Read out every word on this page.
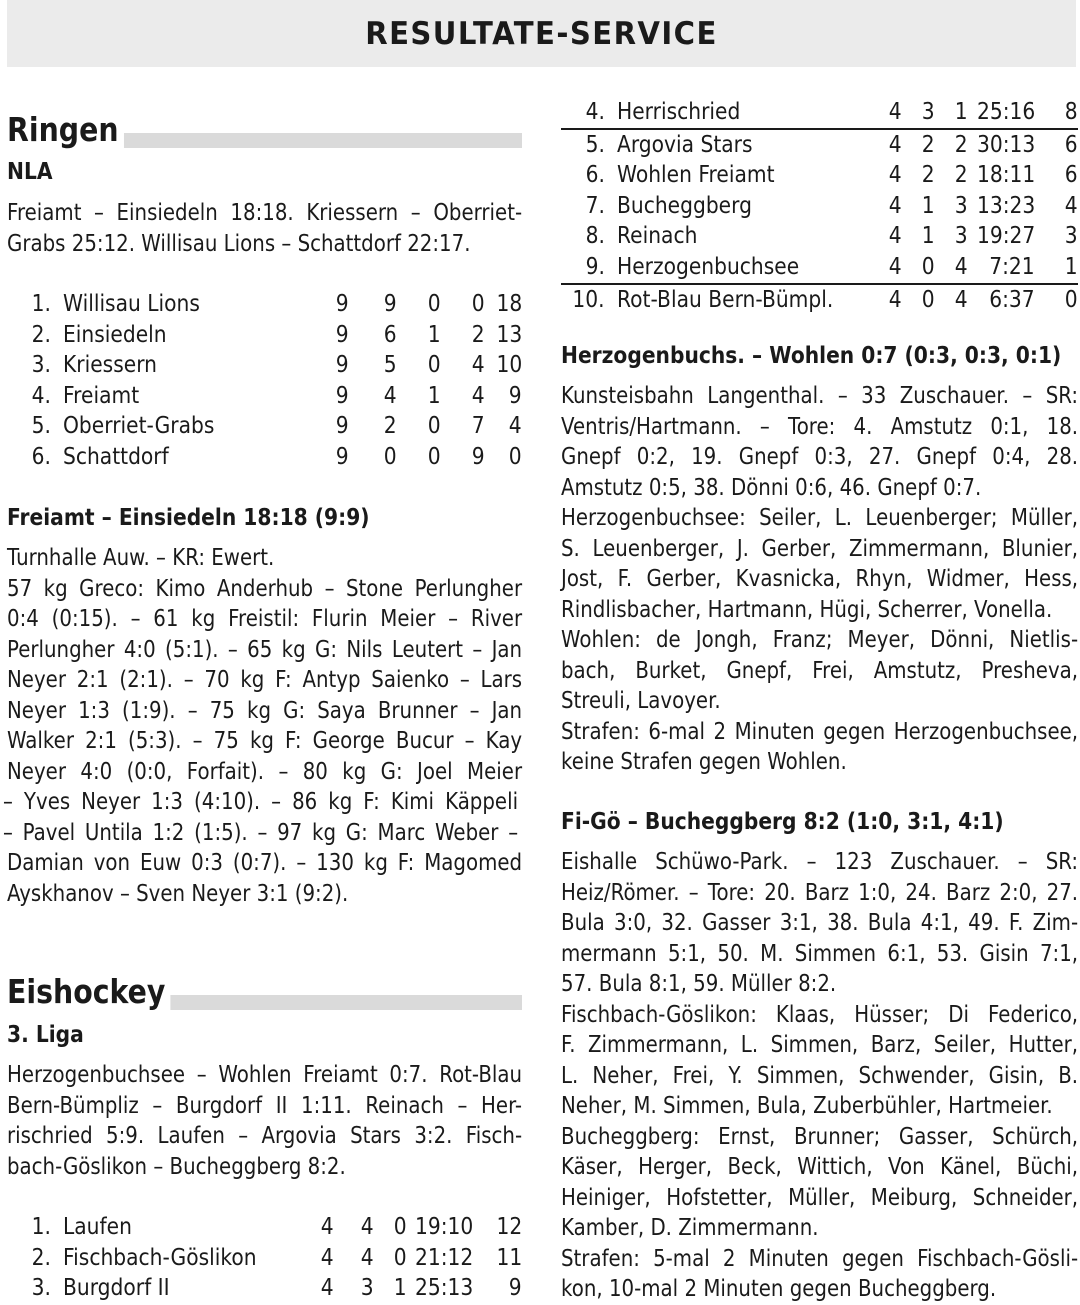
RESULTATE-SERVICE
Ringen
NLA
Freiamt – Einsiedeln 18:18. Kriessern – Oberriet-
Grabs 25:12. Willisau Lions – Schattdorf 22:17.
1.	Willisau Lions	9	9	0	0	18
2.	Einsiedeln	9	6	1	2	13
3.	Kriessern	9	5	0	4	10
4.	Freiamt	9	4	1	4	9
5.	Oberriet-Grabs	9	2	0	7	4
6.	Schattdorf	9	0	0	9	0
Freiamt – Einsiedeln 18:18 (9:9)
Turnhalle Auw. – KR: Ewert.
57 kg Greco: Kimo Anderhub – Stone Perlungher
0:4 (0:15). – 61 kg Freistil: Flurin Meier – River
Perlungher 4:0 (5:1). – 65 kg G: Nils Leutert – Jan
Neyer 2:1 (2:1). – 70 kg F: Antyp Saienko – Lars
Neyer 1:3 (1:9). – 75 kg G: Saya Brunner – Jan
Walker 2:1 (5:3). – 75 kg F: George Bucur – Kay
Neyer 4:0 (0:0, Forfait). – 80 kg G: Joel Meier
– Yves Neyer 1:3 (4:10). – 86 kg F: Kimi Käppeli
– Pavel Untila 1:2 (1:5). – 97 kg G: Marc Weber –
Damian von Euw 0:3 (0:7). – 130 kg F: Magomed
Ayskhanov – Sven Neyer 3:1 (9:2).
Eishockey
3. Liga
Herzogenbuchsee – Wohlen Freiamt 0:7. Rot-Blau
Bern-Bümpliz – Burgdorf II 1:11. Reinach – Her-
rischried 5:9. Laufen – Argovia Stars 3:2. Fisch-
bach-Göslikon – Bucheggberg 8:2.
1.	Laufen	4	4	0	19:10	12
2.	Fischbach-Göslikon	4	4	0	21:12	11
3.	Burgdorf II	4	3	1	25:13	9
4.	Herrischried	4	3	1	25:16	8
5.	Argovia Stars	4	2	2	30:13	6
6.	Wohlen Freiamt	4	2	2	18:11	6
7.	Bucheggberg	4	1	3	13:23	4
8.	Reinach	4	1	3	19:27	3
9.	Herzogenbuchsee	4	0	4	7:21	1
10.	Rot-Blau Bern-Bümpl.	4	0	4	6:37	0
Herzogenbuchs. – Wohlen 0:7 (0:3, 0:3, 0:1)
Kunsteisbahn Langenthal. – 33 Zuschauer. – SR:
Ventris/Hartmann. – Tore: 4. Amstutz 0:1, 18.
Gnepf 0:2, 19. Gnepf 0:3, 27. Gnepf 0:4, 28.
Amstutz 0:5, 38. Dönni 0:6, 46. Gnepf 0:7.
Herzogenbuchsee: Seiler, L. Leuenberger; Müller,
S. Leuenberger, J. Gerber, Zimmermann, Blunier,
Jost, F. Gerber, Kvasnicka, Rhyn, Widmer, Hess,
Rindlisbacher, Hartmann, Hügi, Scherrer, Vonella.
Wohlen: de Jongh, Franz; Meyer, Dönni, Nietlis-
bach, Burket, Gnepf, Frei, Amstutz, Presheva,
Streuli, Lavoyer.
Strafen: 6-mal 2 Minuten gegen Herzogenbuchsee,
keine Strafen gegen Wohlen.
Fi-Gö – Bucheggberg 8:2 (1:0, 3:1, 4:1)
Eishalle Schüwo-Park. – 123 Zuschauer. – SR:
Heiz/Römer. – Tore: 20. Barz 1:0, 24. Barz 2:0, 27.
Bula 3:0, 32. Gasser 3:1, 38. Bula 4:1, 49. F. Zim-
mermann 5:1, 50. M. Simmen 6:1, 53. Gisin 7:1,
57. Bula 8:1, 59. Müller 8:2.
Fischbach-Göslikon: Klaas, Hüsser; Di Federico,
F. Zimmermann, L. Simmen, Barz, Seiler, Hutter,
L. Neher, Frei, Y. Simmen, Schwender, Gisin, B.
Neher, M. Simmen, Bula, Zuberbühler, Hartmeier.
Bucheggberg: Ernst, Brunner; Gasser, Schürch,
Käser, Herger, Beck, Wittich, Von Känel, Büchi,
Heiniger, Hofstetter, Müller, Meiburg, Schneider,
Kamber, D. Zimmermann.
Strafen: 5-mal 2 Minuten gegen Fischbach-Gösli-
kon, 10-mal 2 Minuten gegen Bucheggberg.
